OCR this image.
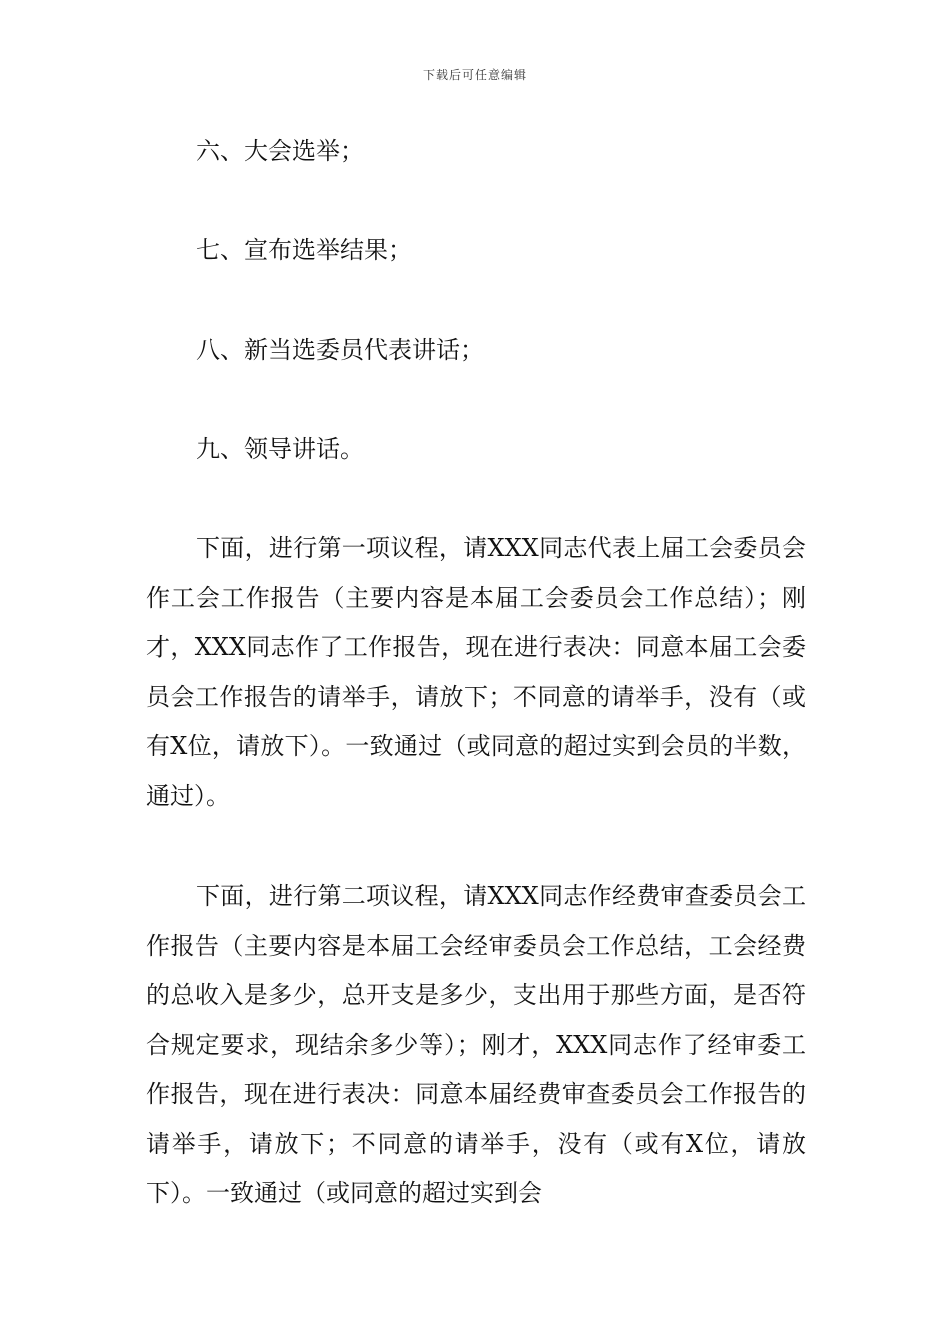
下载后可任意编辑
六、大会选举；
七、宣布选举结果；
八、新当选委员代表讲话；
九、领导讲话。

下面，进行第一项议程，请XXX同志代表上届工会委员会作工会工作报告（主要内容是本届工会委员会工作总结）；刚才，XXX同志作了工作报告，现在进行表决：同意本届工会委员会工作报告的请举手，请放下；不同意的请举手，没有（或有X位，请放下）。一致通过（或同意的超过实到会员的半数，通过）。

下面，进行第二项议程，请XXX同志作经费审查委员会工作报告（主要内容是本届工会经审委员会工作总结，工会经费的总收入是多少，总开支是多少，支出用于那些方面，是否符合规定要求，现结余多少等）；刚才，XXX同志作了经审委工作报告，现在进行表决：同意本届经费审查委员会工作报告的请举手，请放下；不同意的请举手，没有（或有X位，请放下）。一致通过（或同意的超过实到会
